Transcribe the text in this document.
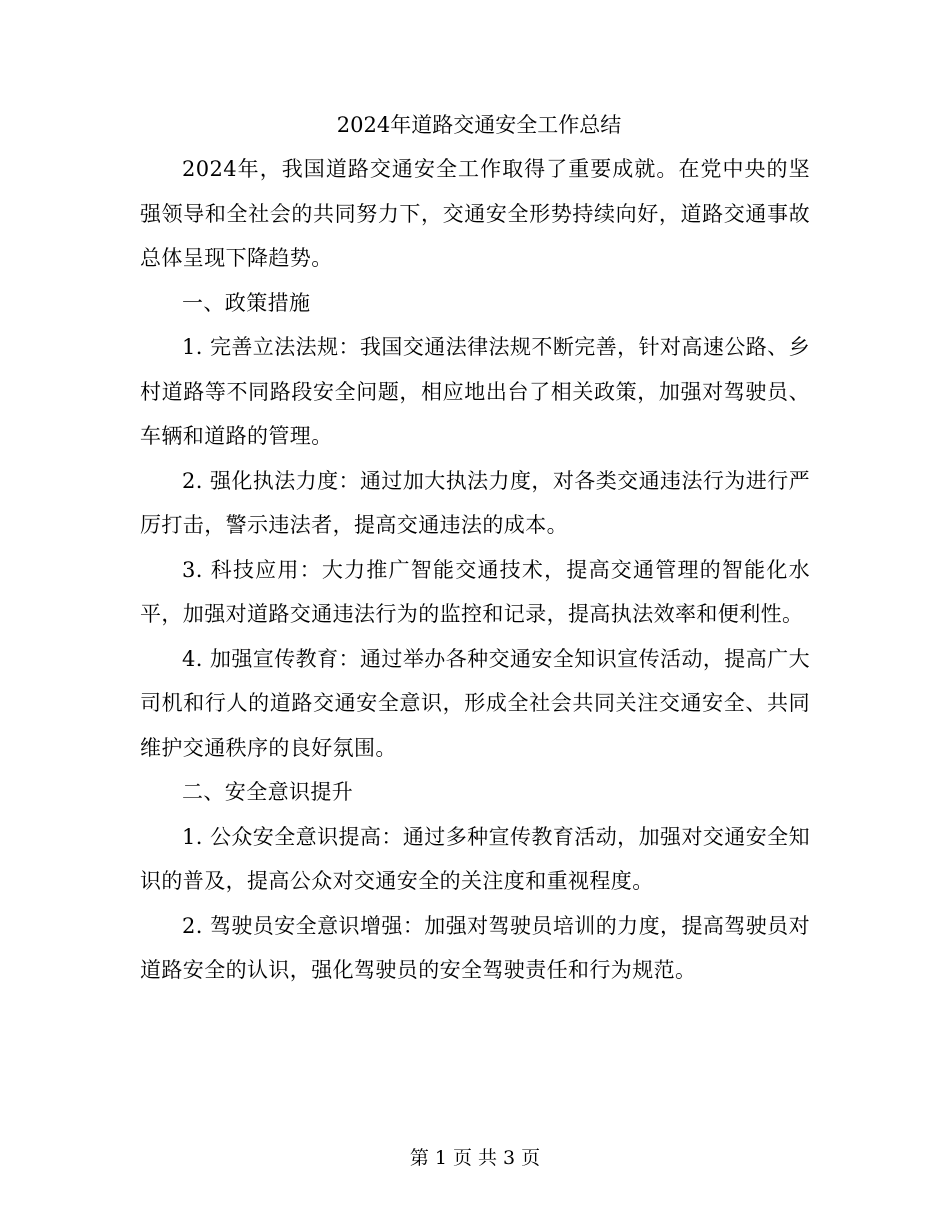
2024年道路交通安全工作总结

2024年，我国道路交通安全工作取得了重要成就。在党中央的坚强领导和全社会的共同努力下，交通安全形势持续向好，道路交通事故总体呈现下降趋势。

一、政策措施

1. 完善立法法规：我国交通法律法规不断完善，针对高速公路、乡村道路等不同路段安全问题，相应地出台了相关政策，加强对驾驶员、车辆和道路的管理。

2. 强化执法力度：通过加大执法力度，对各类交通违法行为进行严厉打击，警示违法者，提高交通违法的成本。

3. 科技应用：大力推广智能交通技术，提高交通管理的智能化水平，加强对道路交通违法行为的监控和记录，提高执法效率和便利性。

4. 加强宣传教育：通过举办各种交通安全知识宣传活动，提高广大司机和行人的道路交通安全意识，形成全社会共同关注交通安全、共同维护交通秩序的良好氛围。

二、安全意识提升

1. 公众安全意识提高：通过多种宣传教育活动，加强对交通安全知识的普及，提高公众对交通安全的关注度和重视程度。

2. 驾驶员安全意识增强：加强对驾驶员培训的力度，提高驾驶员对道路安全的认识，强化驾驶员的安全驾驶责任和行为规范。

第 1 页 共 3 页
